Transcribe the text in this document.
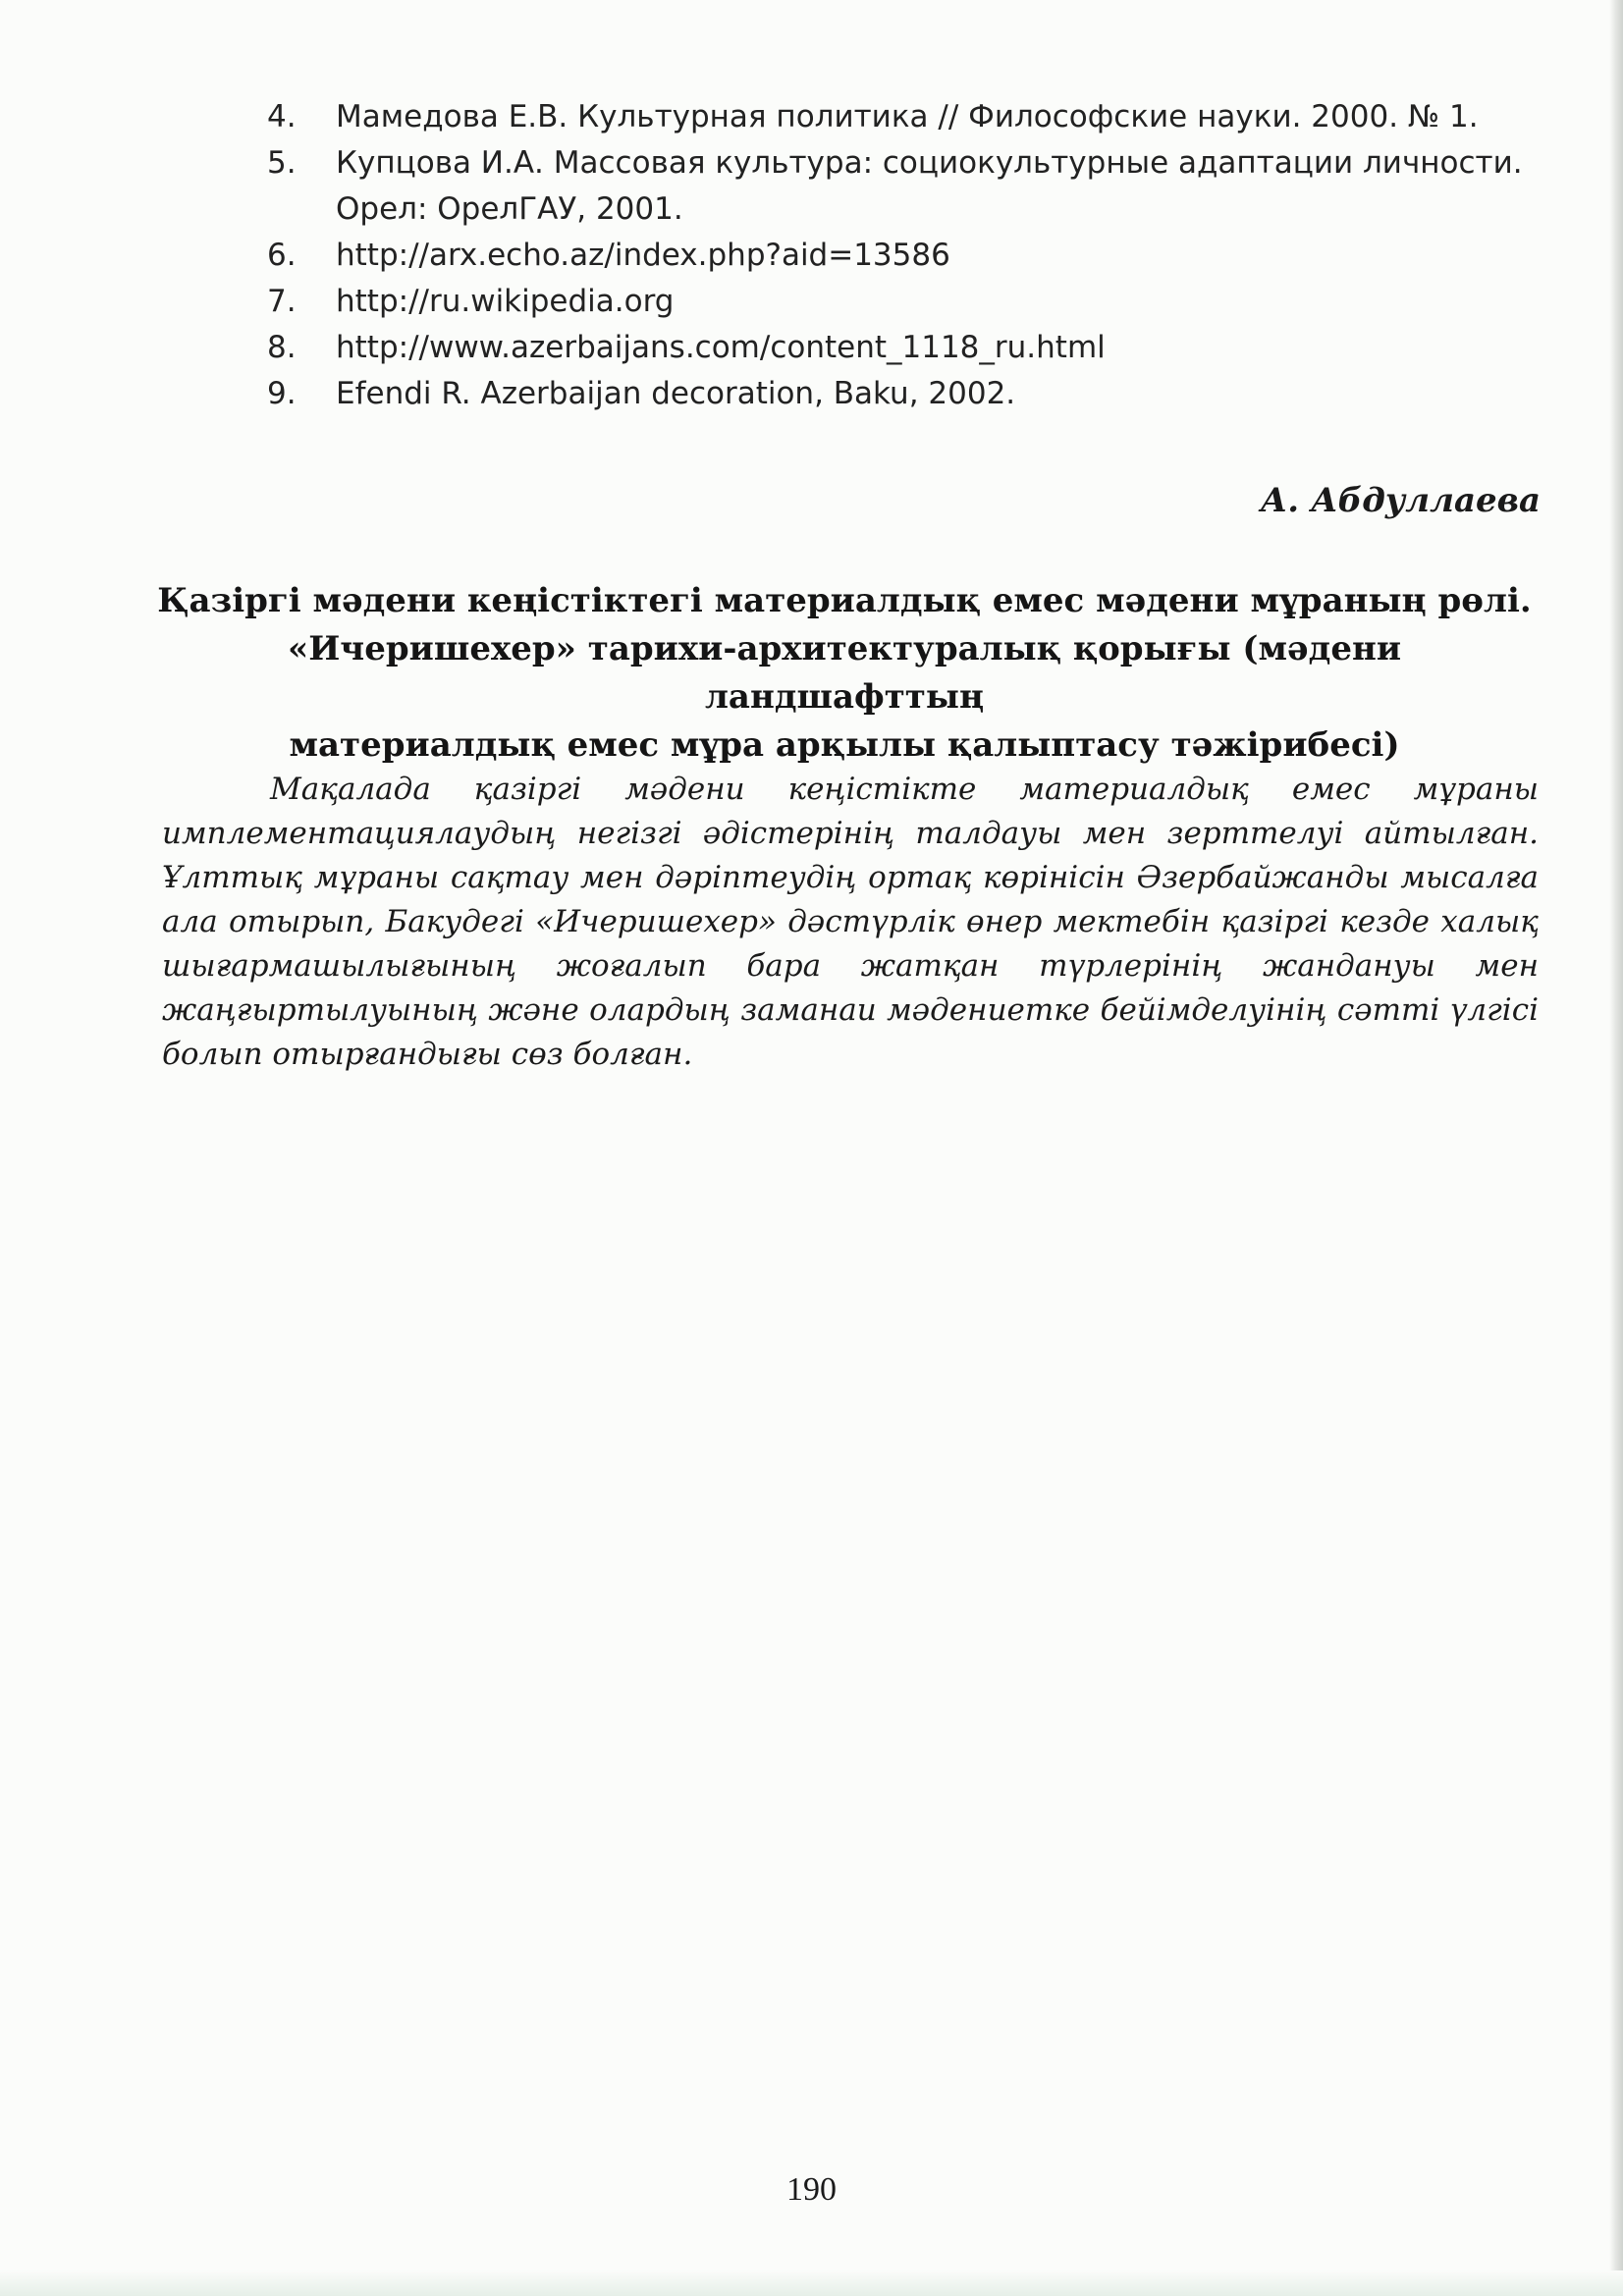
4. Мамедова Е.В. Культурная политика // Философские науки. 2000. № 1.
5. Купцова И.А. Массовая культура: социокультурные адаптации личности. Орел: ОрелГАУ, 2001.
6. http://arx.echo.az/index.php?aid=13586
7. http://ru.wikipedia.org
8. http://www.azerbaijans.com/content_1118_ru.html
9. Efendi R. Azerbaijan decoration, Baku, 2002.
А. Абдуллаева
Қазіргі мәдени кеңістіктегі материалдық емес мәдени мұраның рөлі.
«Ичеришехер» тарихи-архитектуралық қорығы (мәдени ландшафттың
материалдық емес мұра арқылы қалыптасу тәжірибесі)

Мақалада қазіргі мәдени кеңістікте материалдық емес мұраны имплементациялаудың негізгі әдістерінің талдауы мен зерттелуі айтылған. Ұлттық мұраны сақтау мен дәріптеудің ортақ көрінісін Әзербайжанды мысалға ала отырып, Бакудегі «Ичеришехер» дәстүрлік өнер мектебін қазіргі кезде халық шығармашылығының жоғалып бара жатқан түрлерінің жандануы мен жаңғыртылуының және олардың заманаи мәдениетке бейімделуінің сәтті үлгісі болып отырғандығы сөз болған.

190
